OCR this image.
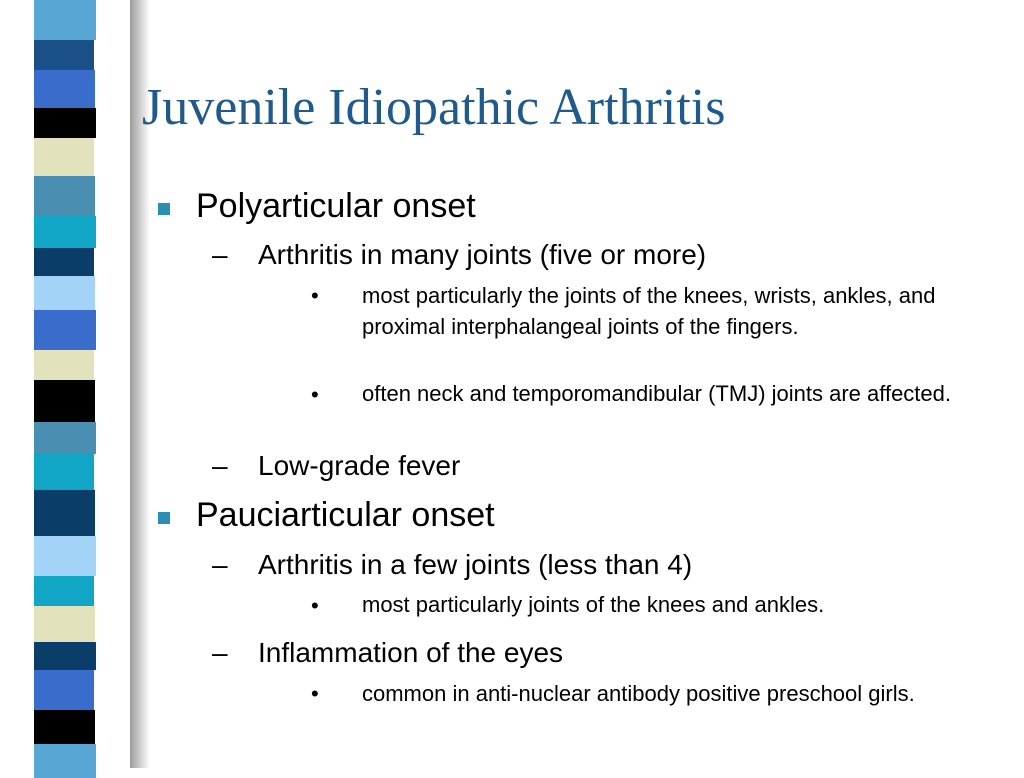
Juvenile Idiopathic Arthritis
Polyarticular onset
– Arthritis in many joints (five or more)
• most particularly the joints of the knees, wrists, ankles, and proximal interphalangeal joints of the fingers.
• often neck and temporomandibular (TMJ) joints are affected.
– Low-grade fever
Pauciarticular onset
– Arthritis in a few joints (less than 4)
• most particularly joints of the knees and ankles.
– Inflammation of the eyes
• common in anti-nuclear antibody positive preschool girls.
